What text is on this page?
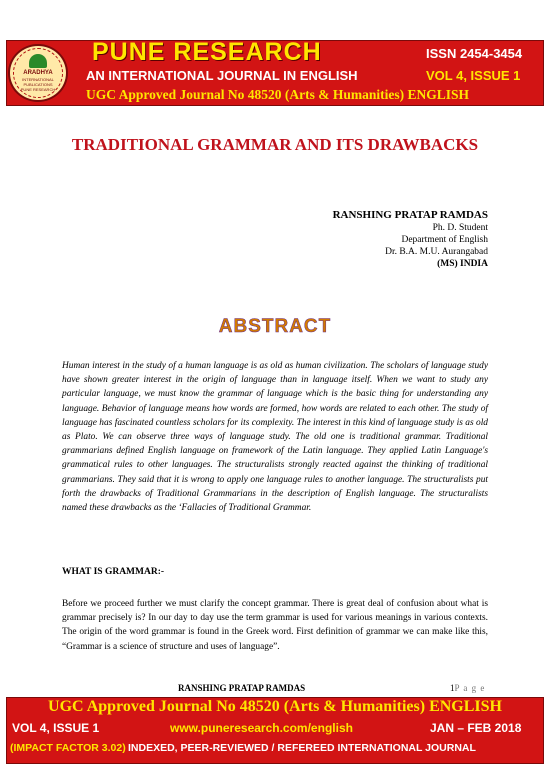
ARADHYA
INTERNATIONAL PUBLICATIONS
PUNE RESEARCH
PUNE RESEARCH	ISSN 2454-3454
AN INTERNATIONAL JOURNAL IN ENGLISH	VOL 4, ISSUE 1
UGC Approved Journal No 48520 (Arts & Humanities) ENGLISH
TRADITIONAL GRAMMAR AND ITS DRAWBACKS
RANSHING PRATAP RAMDAS
Ph. D. Student
Department of English
Dr. B.A. M.U. Aurangabad
(MS) INDIA
ABSTRACT

Human interest in the study of a human language is as old as human civilization. The scholars of language study have shown greater interest in the origin of language than in language itself. When we want to study any particular language, we must know the grammar of language which is the basic thing for understanding any language. Behavior of language means how words are formed, how words are related to each other. The study of language has fascinated countless scholars for its complexity. The interest in this kind of language study is as old as Plato. We can observe three ways of language study. The old one is traditional grammar. Traditional grammarians defined English language on framework of the Latin language. They applied Latin Language's grammatical rules to other languages. The structuralists strongly reacted against the thinking of traditional grammarians. They said that it is wrong to apply one language rules to another language. The structuralists put forth the drawbacks of Traditional Grammarians in the description of English language. The structuralists named these drawbacks as the ‘Fallacies of Traditional Grammar.

WHAT IS GRAMMAR:-

Before we proceed further we must clarify the concept grammar. There is great deal of confusion about what is grammar precisely is? In our day to day use the term grammar is used for various meanings in various contexts. The origin of the word grammar is found in the Greek word. First definition of grammar we can make like this, “Grammar is a science of structure and uses of language”.

RANSHING PRATAP RAMDAS	1P a g e
UGC Approved Journal No 48520 (Arts & Humanities) ENGLISH
VOL 4, ISSUE 1	www.puneresearch.com/english	JAN – FEB 2018
(IMPACT FACTOR 3.02) INDEXED, PEER-REVIEWED / REFEREED INTERNATIONAL JOURNAL
